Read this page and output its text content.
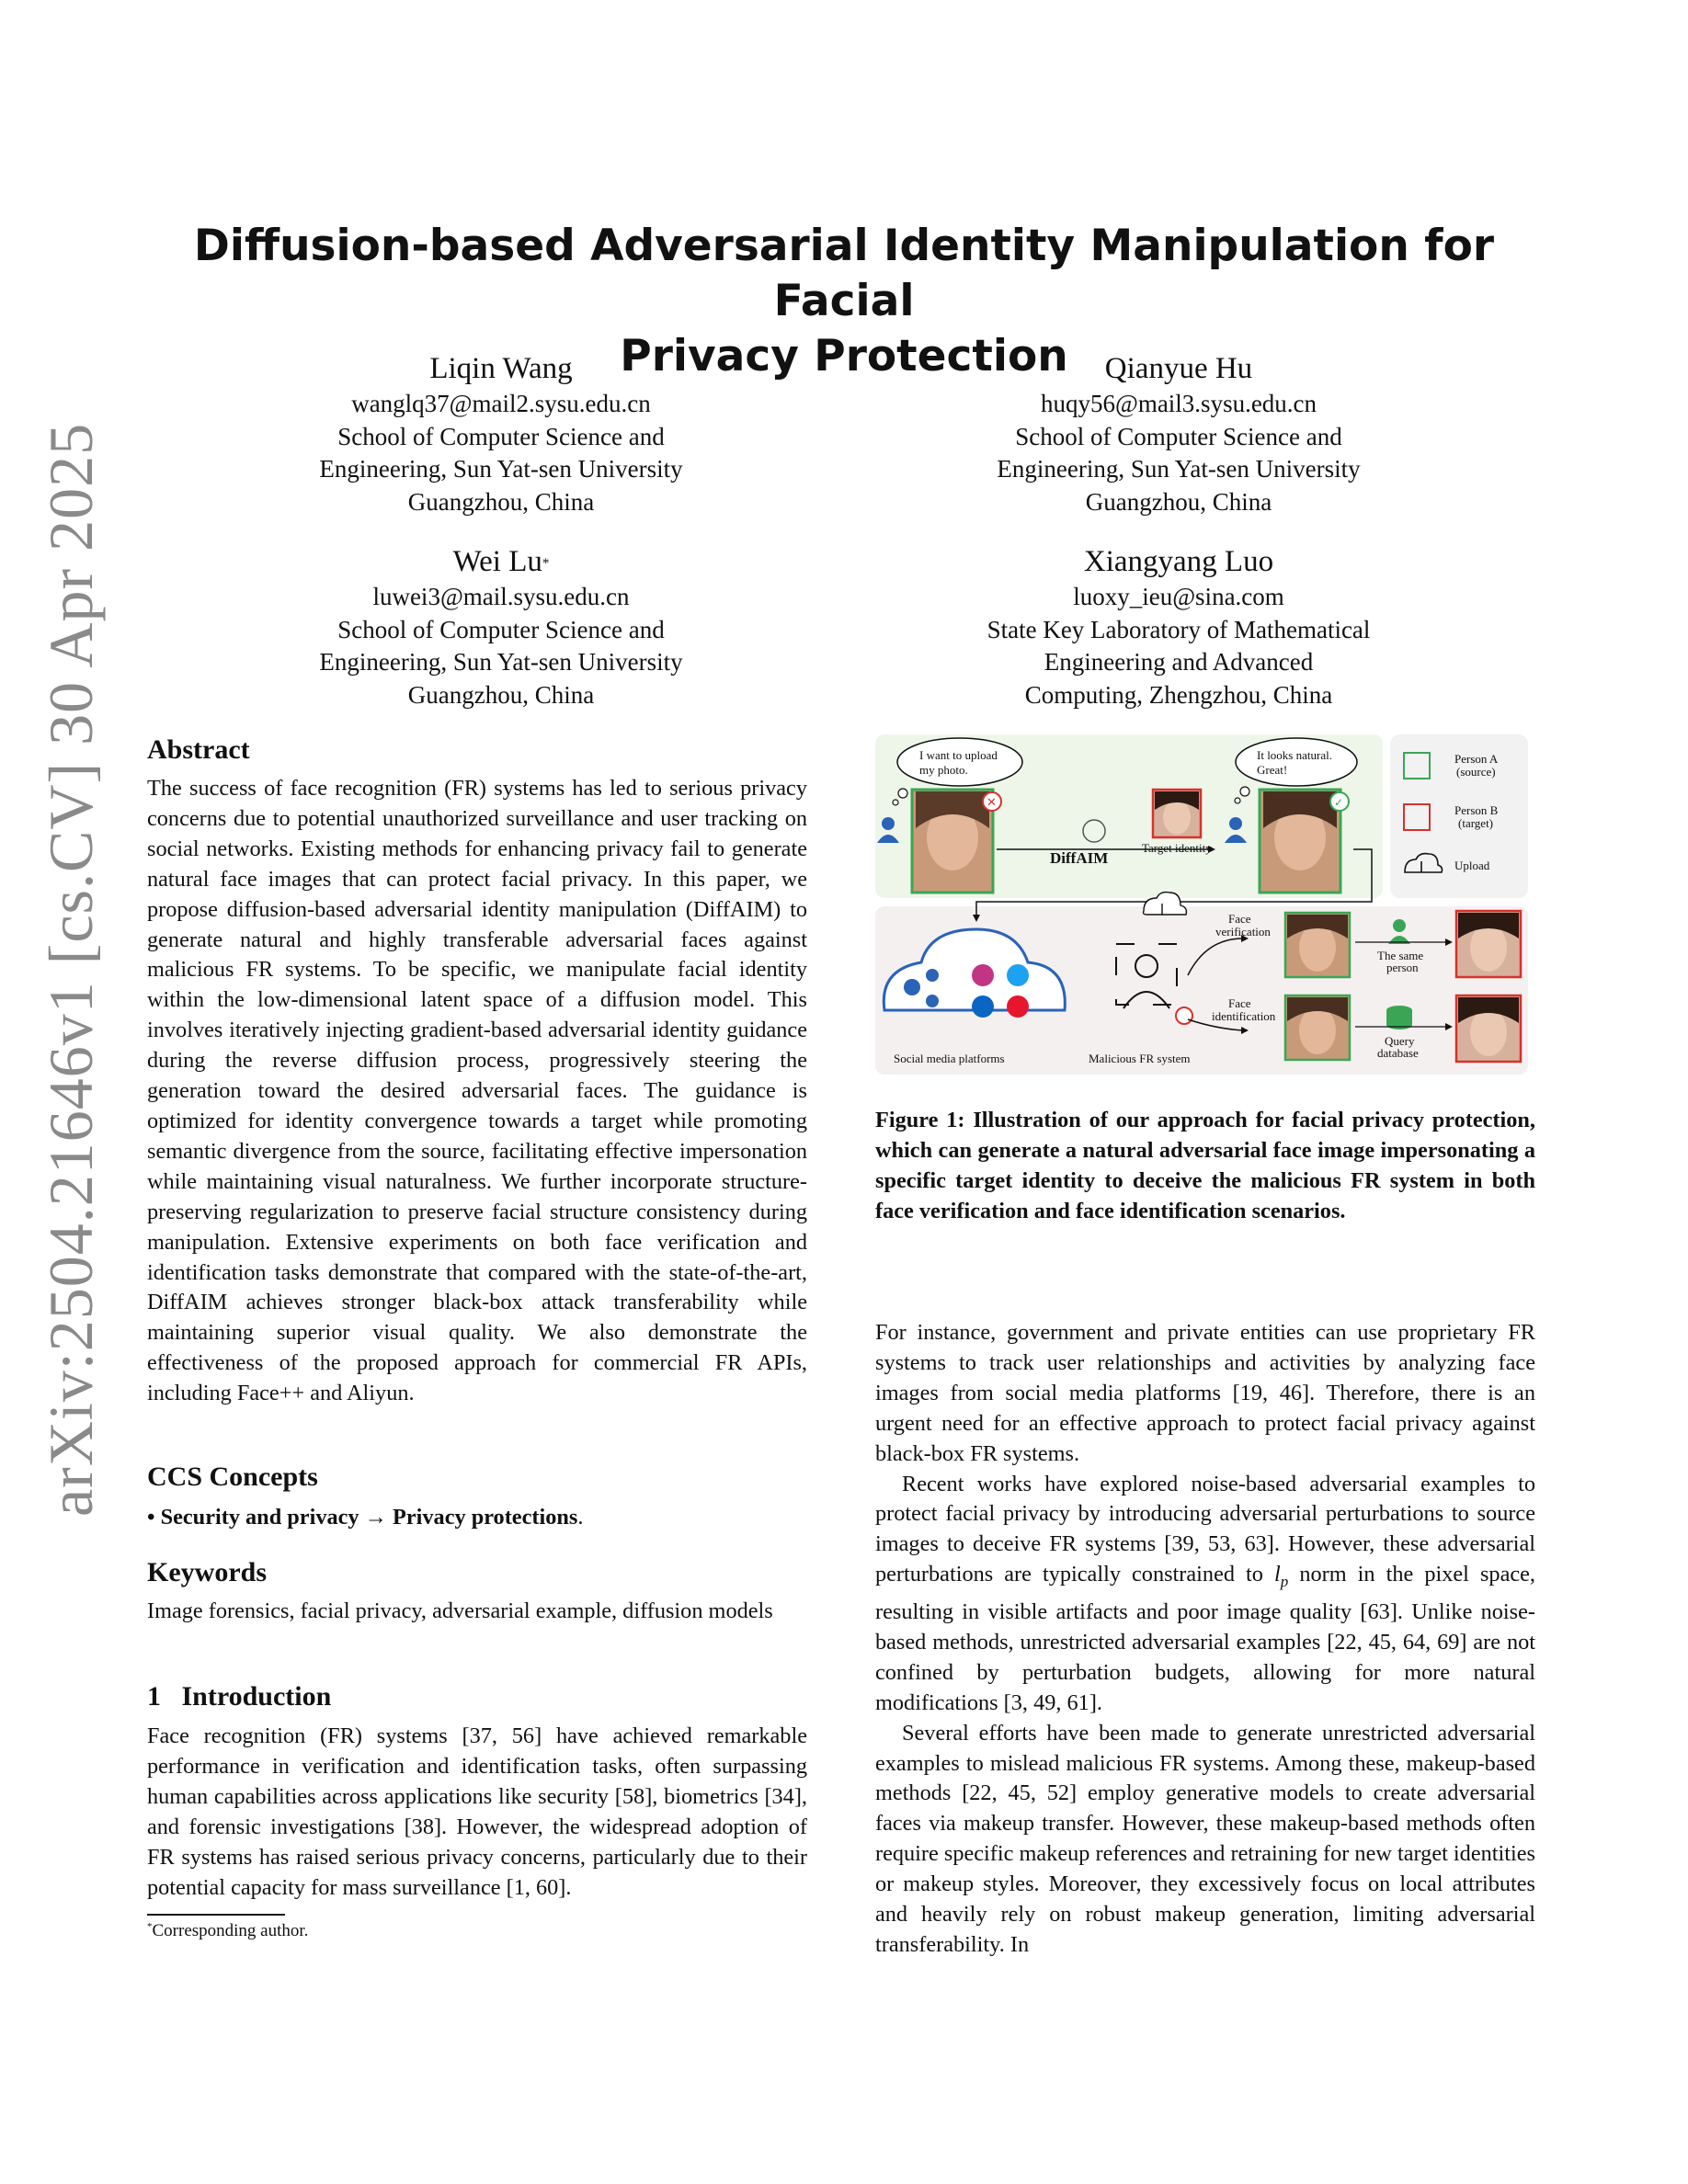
arXiv:2504.21646v1 [cs.CV] 30 Apr 2025
Diffusion-based Adversarial Identity Manipulation for Facial
Privacy Protection
Liqin Wang
wanglq37@mail2.sysu.edu.cn
School of Computer Science and
Engineering, Sun Yat-sen University
Guangzhou, China
Qianyue Hu
huqy56@mail3.sysu.edu.cn
School of Computer Science and
Engineering, Sun Yat-sen University
Guangzhou, China
Wei Lu*
luwei3@mail.sysu.edu.cn
School of Computer Science and
Engineering, Sun Yat-sen University
Guangzhou, China
Xiangyang Luo
luoxy_ieu@sina.com
State Key Laboratory of Mathematical
Engineering and Advanced
Computing, Zhengzhou, China
Abstract

The success of face recognition (FR) systems has led to serious privacy concerns due to potential unauthorized surveillance and user tracking on social networks. Existing methods for enhancing privacy fail to generate natural face images that can protect facial privacy. In this paper, we propose diffusion-based adversarial identity manipulation (DiffAIM) to generate natural and highly transferable adversarial faces against malicious FR systems. To be specific, we manipulate facial identity within the low-dimensional latent space of a diffusion model. This involves iteratively injecting gradient-based adversarial identity guidance during the reverse diffusion process, progressively steering the generation toward the desired adversarial faces. The guidance is optimized for identity convergence towards a target while promoting semantic divergence from the source, facilitating effective impersonation while maintaining visual naturalness. We further incorporate structure-preserving regularization to preserve facial structure consistency during manipulation. Extensive experiments on both face verification and identification tasks demonstrate that compared with the state-of-the-art, DiffAIM achieves stronger black-box attack transferability while maintaining superior visual quality. We also demonstrate the effectiveness of the proposed approach for commercial FR APIs, including Face++ and Aliyun.

CCS Concepts
• Security and privacy → Privacy protections.
Keywords

Image forensics, facial privacy, adversarial example, diffusion models

1 Introduction

Face recognition (FR) systems [37, 56] have achieved remarkable performance in verification and identification tasks, often surpassing human capabilities across applications like security [58], biometrics [34], and forensic investigations [38]. However, the widespread adoption of FR systems has raised serious privacy concerns, particularly due to their potential capacity for mass surveillance [1, 60].

*Corresponding author.
I want to upload
my photo.
✕
DiffAIM
Target identity
It looks natural.
Great!
✓
Person A
(source)
Person B
(target)
Upload
Social media platforms	Malicious FR system
Face
verification
Face
identification
The same
person
Query
database
Figure 1: Illustration of our approach for facial privacy protection, which can generate a natural adversarial face image impersonating a specific target identity to deceive the malicious FR system in both face verification and face identification scenarios.

For instance, government and private entities can use proprietary FR systems to track user relationships and activities by analyzing face images from social media platforms [19, 46]. Therefore, there is an urgent need for an effective approach to protect facial privacy against black-box FR systems.

Recent works have explored noise-based adversarial examples to protect facial privacy by introducing adversarial perturbations to source images to deceive FR systems [39, 53, 63]. However, these adversarial perturbations are typically constrained to $l_p$ norm in the pixel space, resulting in visible artifacts and poor image quality [63]. Unlike noise-based methods, unrestricted adversarial examples [22, 45, 64, 69] are not confined by perturbation budgets, allowing for more natural modifications [3, 49, 61].

Several efforts have been made to generate unrestricted adversarial examples to mislead malicious FR systems. Among these, makeup-based methods [22, 45, 52] employ generative models to create adversarial faces via makeup transfer. However, these makeup-based methods often require specific makeup references and retraining for new target identities or makeup styles. Moreover, they excessively focus on local attributes and heavily rely on robust makeup generation, limiting adversarial transferability. In
